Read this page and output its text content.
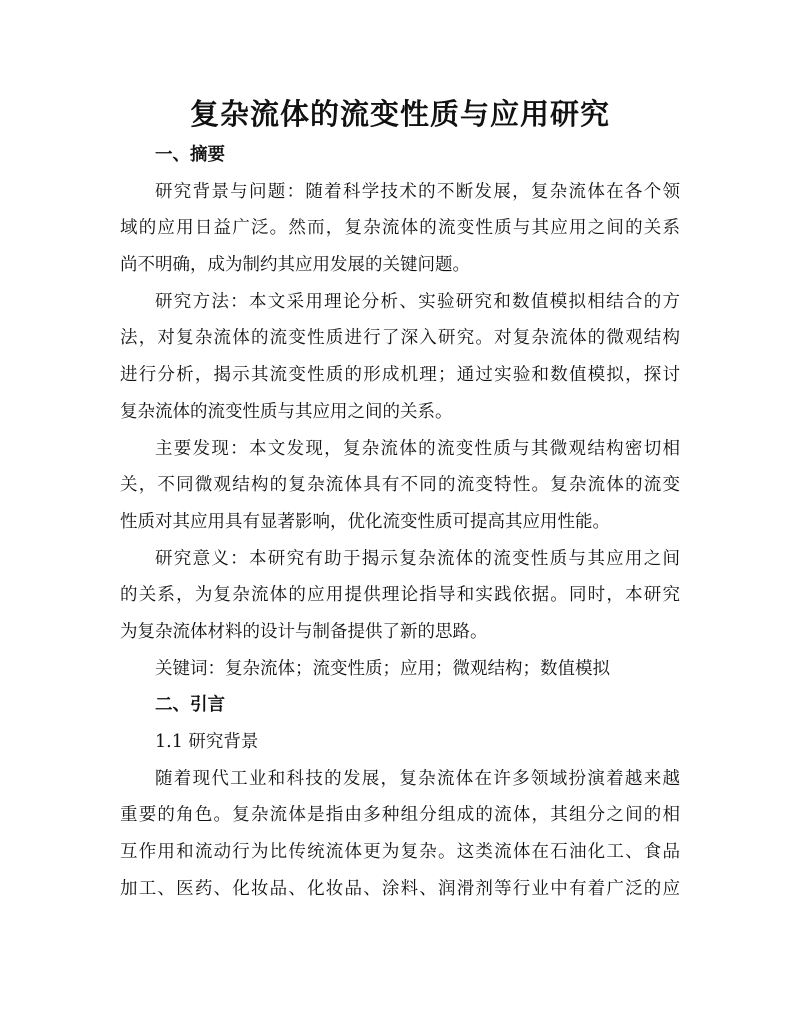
复杂流体的流变性质与应用研究
一、摘要
研究背景与问题：随着科学技术的不断发展，复杂流体在各个领
域的应用日益广泛。然而，复杂流体的流变性质与其应用之间的关系
尚不明确，成为制约其应用发展的关键问题。
研究方法：本文采用理论分析、实验研究和数值模拟相结合的方
法，对复杂流体的流变性质进行了深入研究。对复杂流体的微观结构
进行分析，揭示其流变性质的形成机理；通过实验和数值模拟，探讨
复杂流体的流变性质与其应用之间的关系。
主要发现：本文发现，复杂流体的流变性质与其微观结构密切相
关，不同微观结构的复杂流体具有不同的流变特性。复杂流体的流变
性质对其应用具有显著影响，优化流变性质可提高其应用性能。
研究意义：本研究有助于揭示复杂流体的流变性质与其应用之间
的关系，为复杂流体的应用提供理论指导和实践依据。同时，本研究
为复杂流体材料的设计与制备提供了新的思路。
关键词：复杂流体；流变性质；应用；微观结构；数值模拟
二、引言
1.1 研究背景
随着现代工业和科技的发展，复杂流体在许多领域扮演着越来越
重要的角色。复杂流体是指由多种组分组成的流体，其组分之间的相
互作用和流动行为比传统流体更为复杂。这类流体在石油化工、食品
加工、医药、化妆品、化妆品、涂料、润滑剂等行业中有着广泛的应
